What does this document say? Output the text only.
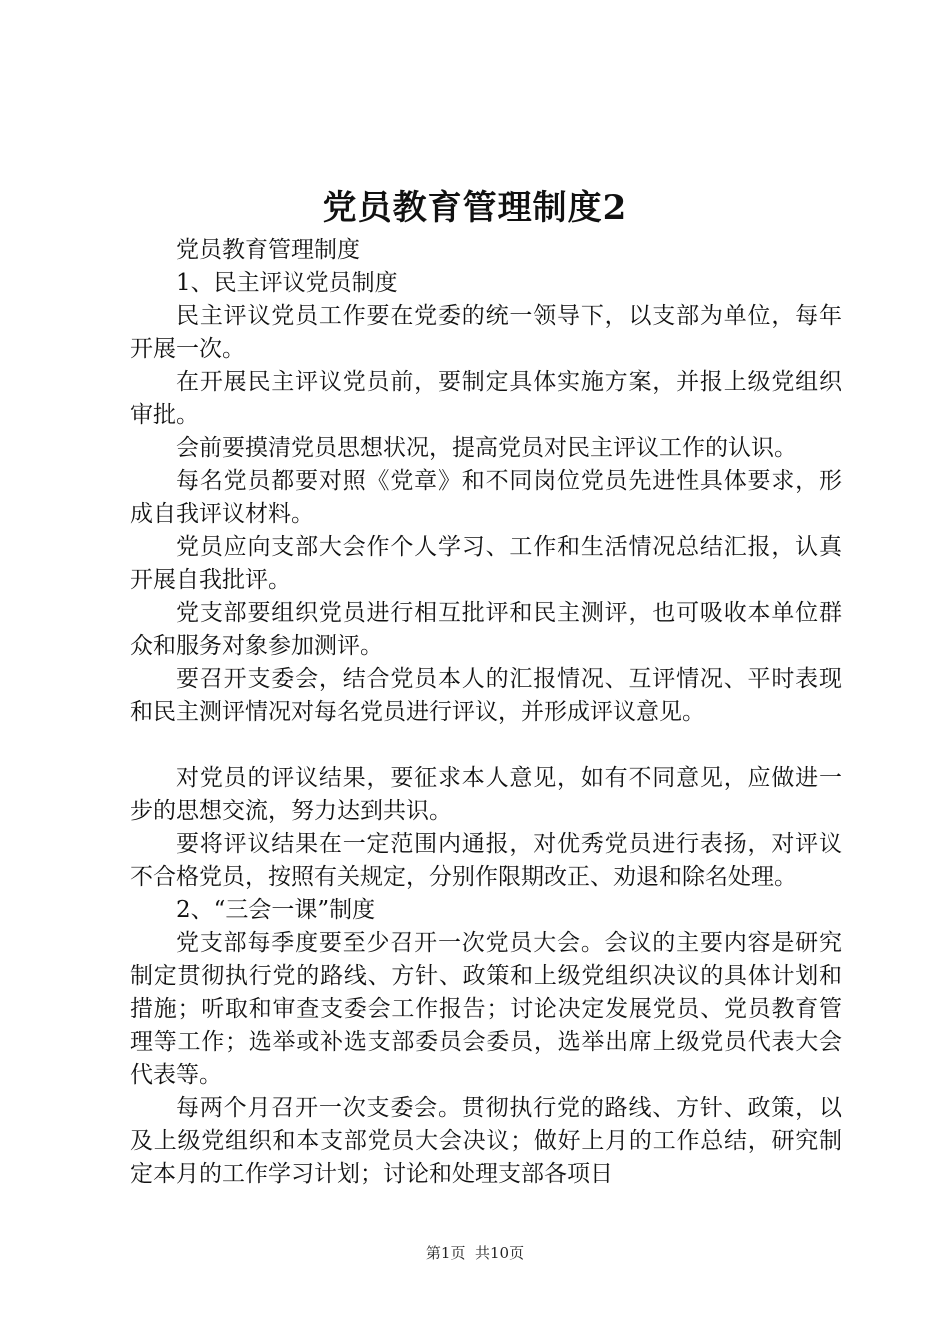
党员教育管理制度2

党员教育管理制度

1、民主评议党员制度

民主评议党员工作要在党委的统一领导下，以支部为单位，每年开展一次。

在开展民主评议党员前，要制定具体实施方案，并报上级党组织审批。

会前要摸清党员思想状况，提高党员对民主评议工作的认识。

每名党员都要对照《党章》和不同岗位党员先进性具体要求，形成自我评议材料。

党员应向支部大会作个人学习、工作和生活情况总结汇报，认真开展自我批评。

党支部要组织党员进行相互批评和民主测评，也可吸收本单位群众和服务对象参加测评。

要召开支委会，结合党员本人的汇报情况、互评情况、平时表现和民主测评情况对每名党员进行评议，并形成评议意见。

对党员的评议结果，要征求本人意见，如有不同意见，应做进一步的思想交流，努力达到共识。

要将评议结果在一定范围内通报，对优秀党员进行表扬，对评议不合格党员，按照有关规定，分别作限期改正、劝退和除名处理。

2、“三会一课”制度

党支部每季度要至少召开一次党员大会。会议的主要内容是研究制定贯彻执行党的路线、方针、政策和上级党组织决议的具体计划和措施；听取和审查支委会工作报告；讨论决定发展党员、党员教育管理等工作；选举或补选支部委员会委员，选举出席上级党员代表大会代表等。

每两个月召开一次支委会。贯彻执行党的路线、方针、政策，以及上级党组织和本支部党员大会决议；做好上月的工作总结，研究制定本月的工作学习计划；讨论和处理支部各项日

第1页  共10页
